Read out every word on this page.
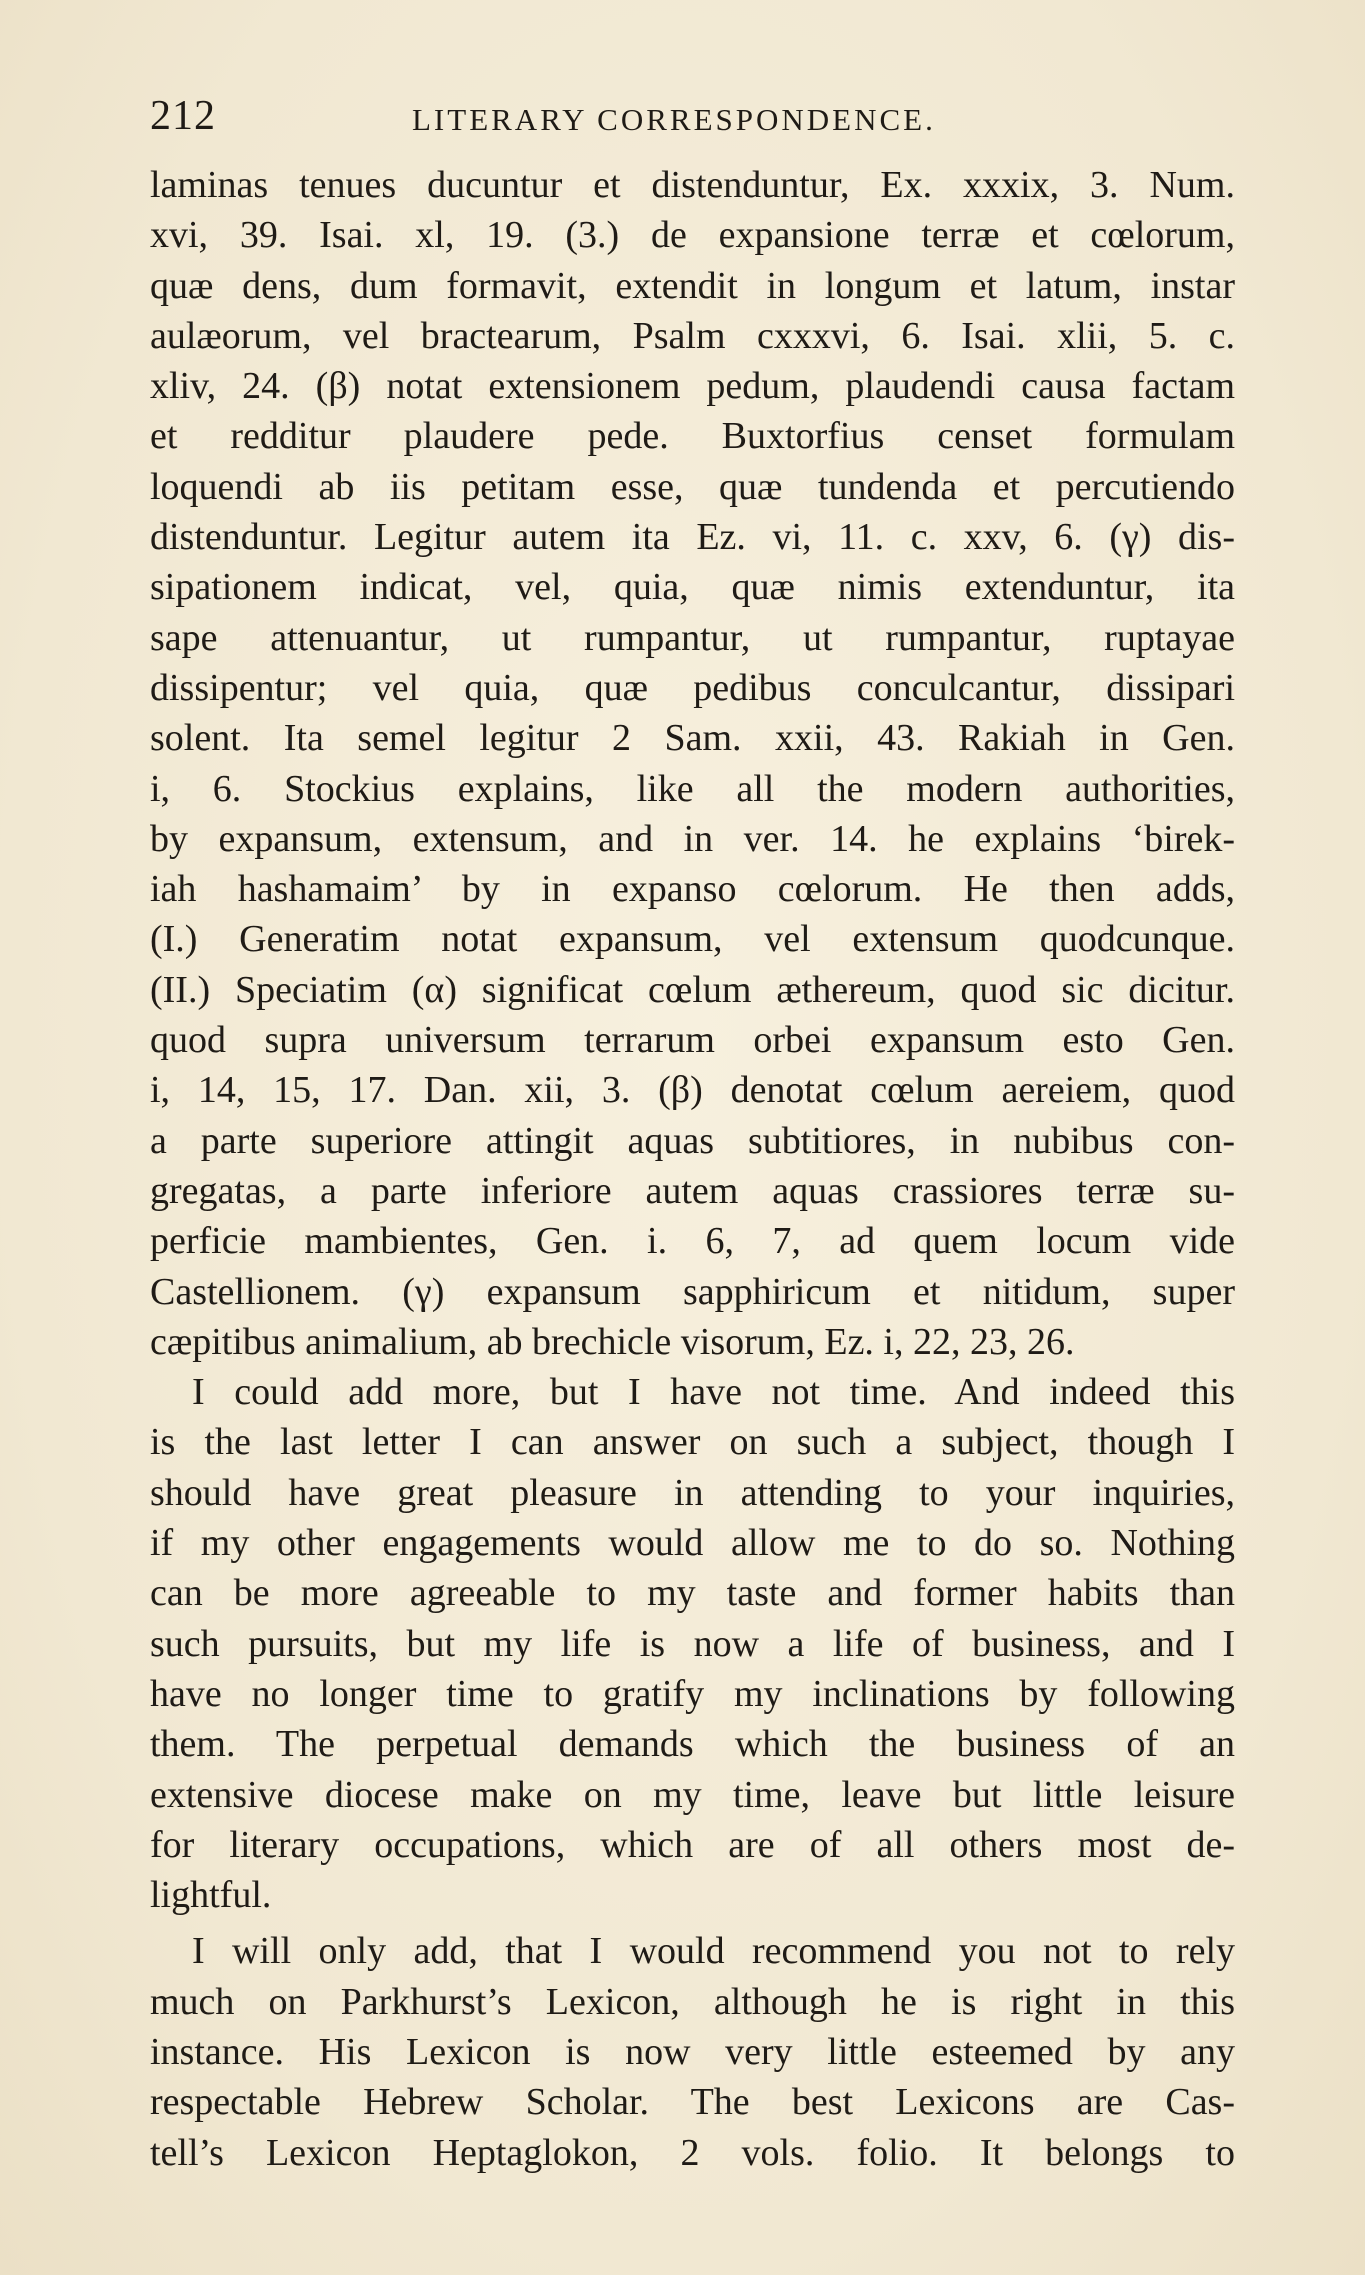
212	LITERARY CORRESPONDENCE.
laminas tenues ducuntur et distenduntur, Ex. xxxix, 3. Num.
xvi, 39. Isai. xl, 19. (3.) de expansione terræ et cœlorum,
quæ dens, dum formavit, extendit in longum et latum, instar
aulæorum, vel bractearum, Psalm cxxxvi, 6. Isai. xlii, 5. c.
xliv, 24. (β) notat extensionem pedum, plaudendi causa factam
et redditur plaudere pede. Buxtorfius censet formulam
loquendi ab iis petitam esse, quæ tundenda et percutiendo
distenduntur. Legitur autem ita Ez. vi, 11. c. xxv, 6. (γ) dis-
sipationem indicat, vel, quia, quæ nimis extenduntur, ita
sape attenuantur, ut rumpantur, ut rumpantur, ruptayae
dissipentur; vel quia, quæ pedibus conculcantur, dissipari
solent. Ita semel legitur 2 Sam. xxii, 43. Rakiah in Gen.
i, 6. Stockius explains, like all the modern authorities,
by expansum, extensum, and in ver. 14. he explains ‘birek-
iah hashamaim’ by in expanso cœlorum. He then adds,
(I.) Generatim notat expansum, vel extensum quodcunque.
(II.) Speciatim (α) significat cœlum æthereum, quod sic dicitur.
quod supra universum terrarum orbei expansum esto Gen.
i, 14, 15, 17. Dan. xii, 3. (β) denotat cœlum aereiem, quod
a parte superiore attingit aquas subtitiores, in nubibus con-
gregatas, a parte inferiore autem aquas crassiores terræ su-
perficie mambientes, Gen. i. 6, 7, ad quem locum vide
Castellionem. (γ) expansum sapphiricum et nitidum, super
cæpitibus animalium, ab brechicle visorum, Ez. i, 22, 23, 26.
I could add more, but I have not time. And indeed this
is the last letter I can answer on such a subject, though I
should have great pleasure in attending to your inquiries,
if my other engagements would allow me to do so. Nothing
can be more agreeable to my taste and former habits than
such pursuits, but my life is now a life of business, and I
have no longer time to gratify my inclinations by following
them. The perpetual demands which the business of an
extensive diocese make on my time, leave but little leisure
for literary occupations, which are of all others most de-
lightful.
I will only add, that I would recommend you not to rely
much on Parkhurst’s Lexicon, although he is right in this
instance. His Lexicon is now very little esteemed by any
respectable Hebrew Scholar. The best Lexicons are Cas-
tell’s Lexicon Heptaglokon, 2 vols. folio. It belongs to
